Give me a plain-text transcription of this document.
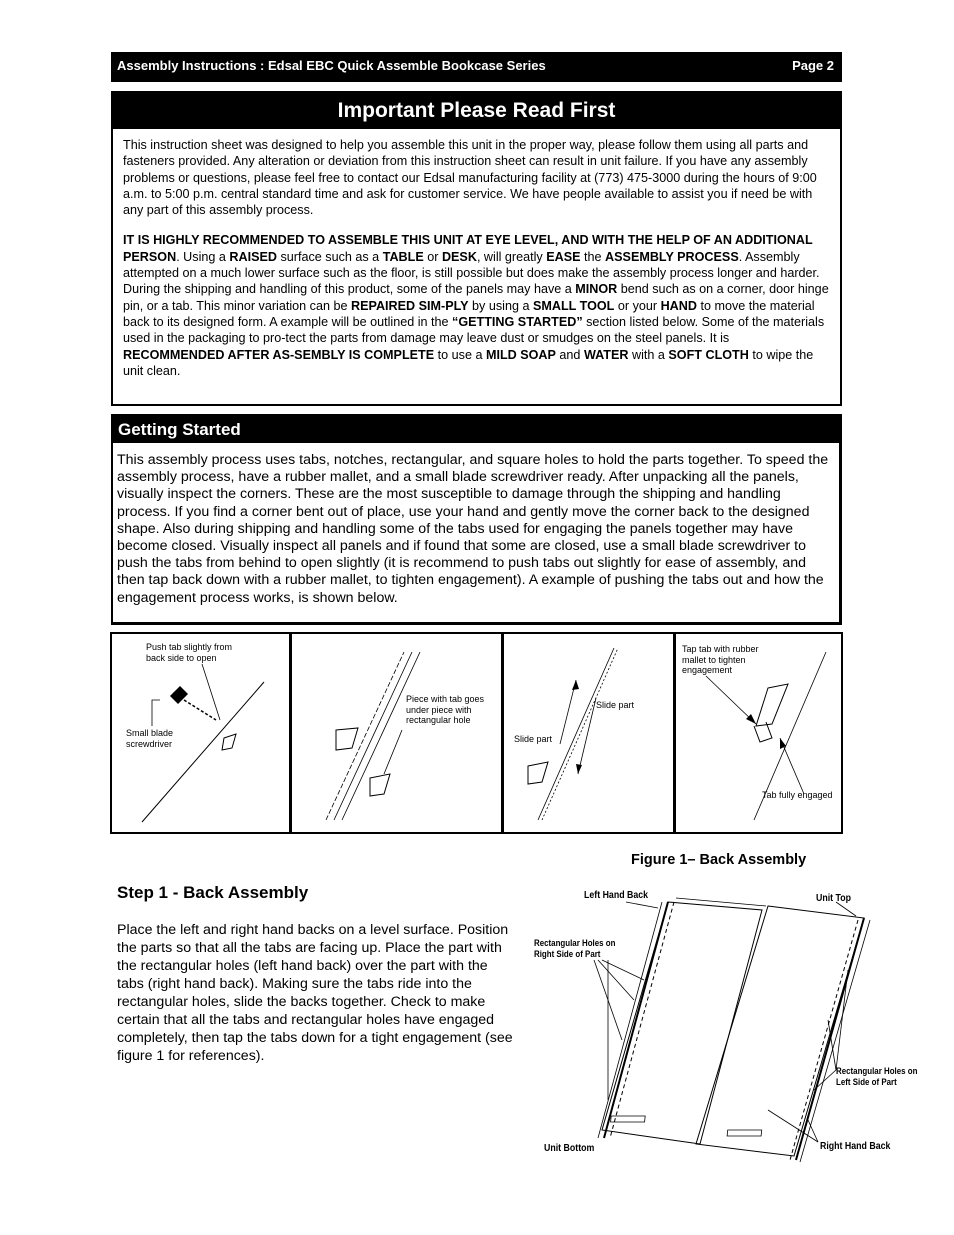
Assembly Instructions : Edsal EBC Quick Assemble Bookcase Series	Page 2
Important Please Read First

This instruction sheet was designed to help you assemble this unit in the proper way, please follow them using all parts and fasteners provided. Any alteration or deviation from this instruction sheet can result in unit failure. If you have any assembly problems or questions, please feel free to contact our Edsal manufacturing facility at (773) 475-3000 during the hours of 9:00 a.m. to 5:00 p.m. central standard time and ask for customer service. We have people available to assist you if need be with any part of this assembly process.

IT IS HIGHLY RECOMMENDED TO ASSEMBLE THIS UNIT AT EYE LEVEL, AND WITH THE HELP OF AN ADDITIONAL PERSON. Using a RAISED surface such as a TABLE or DESK, will greatly EASE the ASSEMBLY PROCESS. Assembly attempted on a much lower surface such as the floor, is still possible but does make the assembly process longer and harder. During the shipping and handling of this product, some of the panels may have a MINOR bend such as on a corner, door hinge pin, or a tab. This minor variation can be REPAIRED SIM-PLY by using a SMALL TOOL or your HAND to move the material back to its designed form. A example will be outlined in the “GETTING STARTED” section listed below. Some of the materials used in the packaging to pro-tect the parts from damage may leave dust or smudges on the steel panels. It is RECOMMENDED AFTER AS-SEMBLY IS COMPLETE to use a MILD SOAP and WATER with a SOFT CLOTH to wipe the unit clean.

Getting Started
This assembly process uses tabs, notches, rectangular, and square holes to hold the parts together. To speed the assembly process, have a rubber mallet, and a small blade screwdriver ready. After unpacking all the panels, visually inspect the corners. These are the most susceptible to damage through the shipping and handling process. If you find a corner bent out of place, use your hand and gently move the corner back to the designed shape. Also during shipping and handling some of the tabs used for engaging the panels together may have become closed. Visually inspect all panels and if found that some are closed, use a small blade screwdriver to push the tabs from behind to open slightly (it is recommend to push tabs out slightly for ease of assembly, and then tap back down with a rubber mallet, to tighten engagement). A example of pushing the tabs out and how the engagement process works, is shown below.
Push tab slightly from back side to open
Small blade screwdriver
Piece with tab goes under piece with rectangular hole
Slide part
Slide part
Tap tab with rubber mallet to tighten engagement
Tab fully engaged
Figure 1– Back Assembly
Step 1 - Back Assembly
Place the left and right hand backs on a level surface. Position the parts so that all the tabs are facing up. Place the part with the rectangular holes (left hand back) over the part with the tabs (right hand back). Making sure the tabs ride into the rectangular holes, slide the backs together. Check to make certain that all the tabs and rectangular holes have engaged completely, then tap the tabs down for a tight engagement (see figure 1 for references).
Left Hand Back	Unit Top
Rectangular Holes on Right Side of Part
Rectangular Holes on Left Side of Part
Unit Bottom	Right Hand Back
